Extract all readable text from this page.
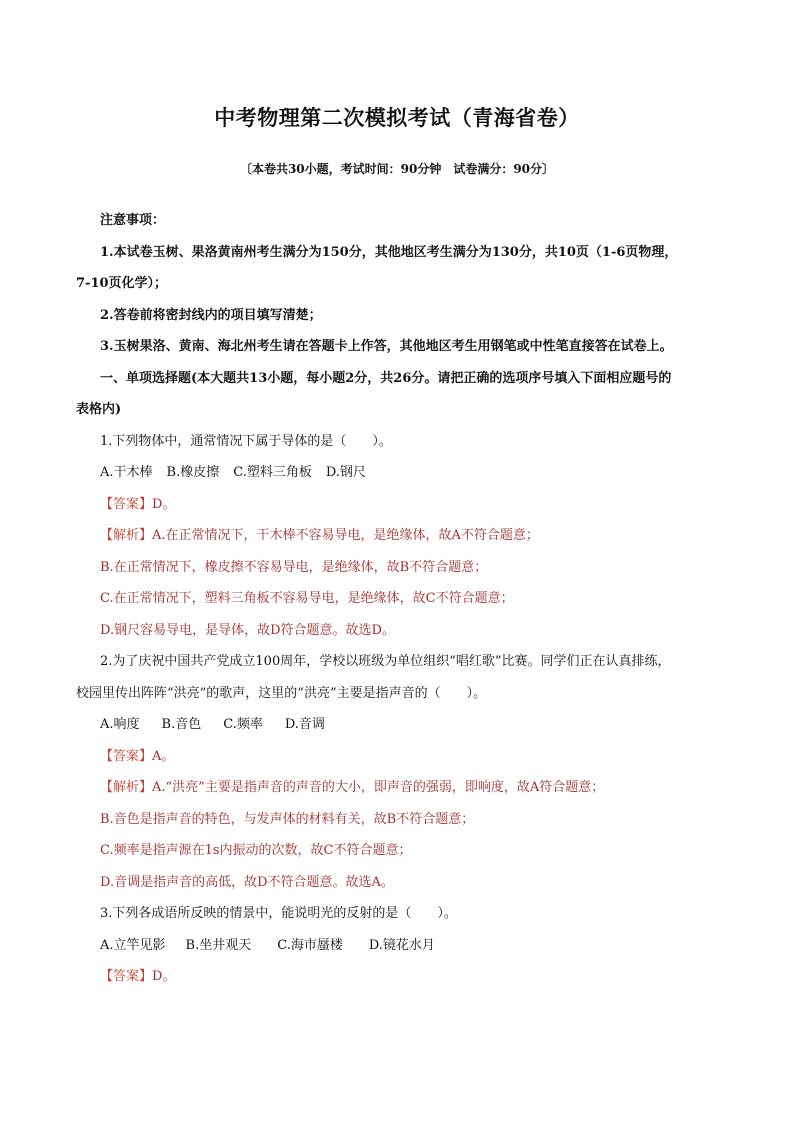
中考物理第二次模拟考试（青海省卷）
〔本卷共30小题，考试时间：90分钟　试卷满分：90分〕
注意事项：
1.本试卷玉树、果洛黄南州考生满分为150分，其他地区考生满分为130分，共10页（1-6页物理，
7-10页化学）；
2.答卷前将密封线内的项目填写清楚；
3.玉树果洛、黄南、海北州考生请在答题卡上作答，其他地区考生用钢笔或中性笔直接答在试卷上。
一、单项选择题(本大题共13小题，每小题2分，共26分。请把正确的选项序号填入下面相应题号的
表格内)
1.下列物体中，通常情况下属于导体的是（　　）。
A.干木棒 B.橡皮擦 C.塑料三角板 D.钢尺
【答案】D。
【解析】A.在正常情况下，干木棒不容易导电，是绝缘体，故A不符合题意；
B.在正常情况下，橡皮擦不容易导电，是绝缘体，故B不符合题意；
C.在正常情况下，塑料三角板不容易导电，是绝缘体，故C不符合题意；
D.钢尺容易导电，是导体，故D符合题意。故选D。
2.为了庆祝中国共产党成立100周年，学校以班级为单位组织“唱红歌”比赛。同学们正在认真排练，
校园里传出阵阵“洪亮”的歌声，这里的“洪亮”主要是指声音的（　　）。
A.响度 B.音色 C.频率 D.音调
【答案】A。
【解析】A.“洪亮”主要是指声音的声音的大小，即声音的强弱，即响度，故A符合题意；
B.音色是指声音的特色，与发声体的材料有关，故B不符合题意；
C.频率是指声源在1s内振动的次数，故C不符合题意；
D.音调是指声音的高低，故D不符合题意。故选A。
3.下列各成语所反映的情景中，能说明光的反射的是（　　）。
A.立竿见影 B.坐井观天 C.海市蜃楼 D.镜花水月
【答案】D。
